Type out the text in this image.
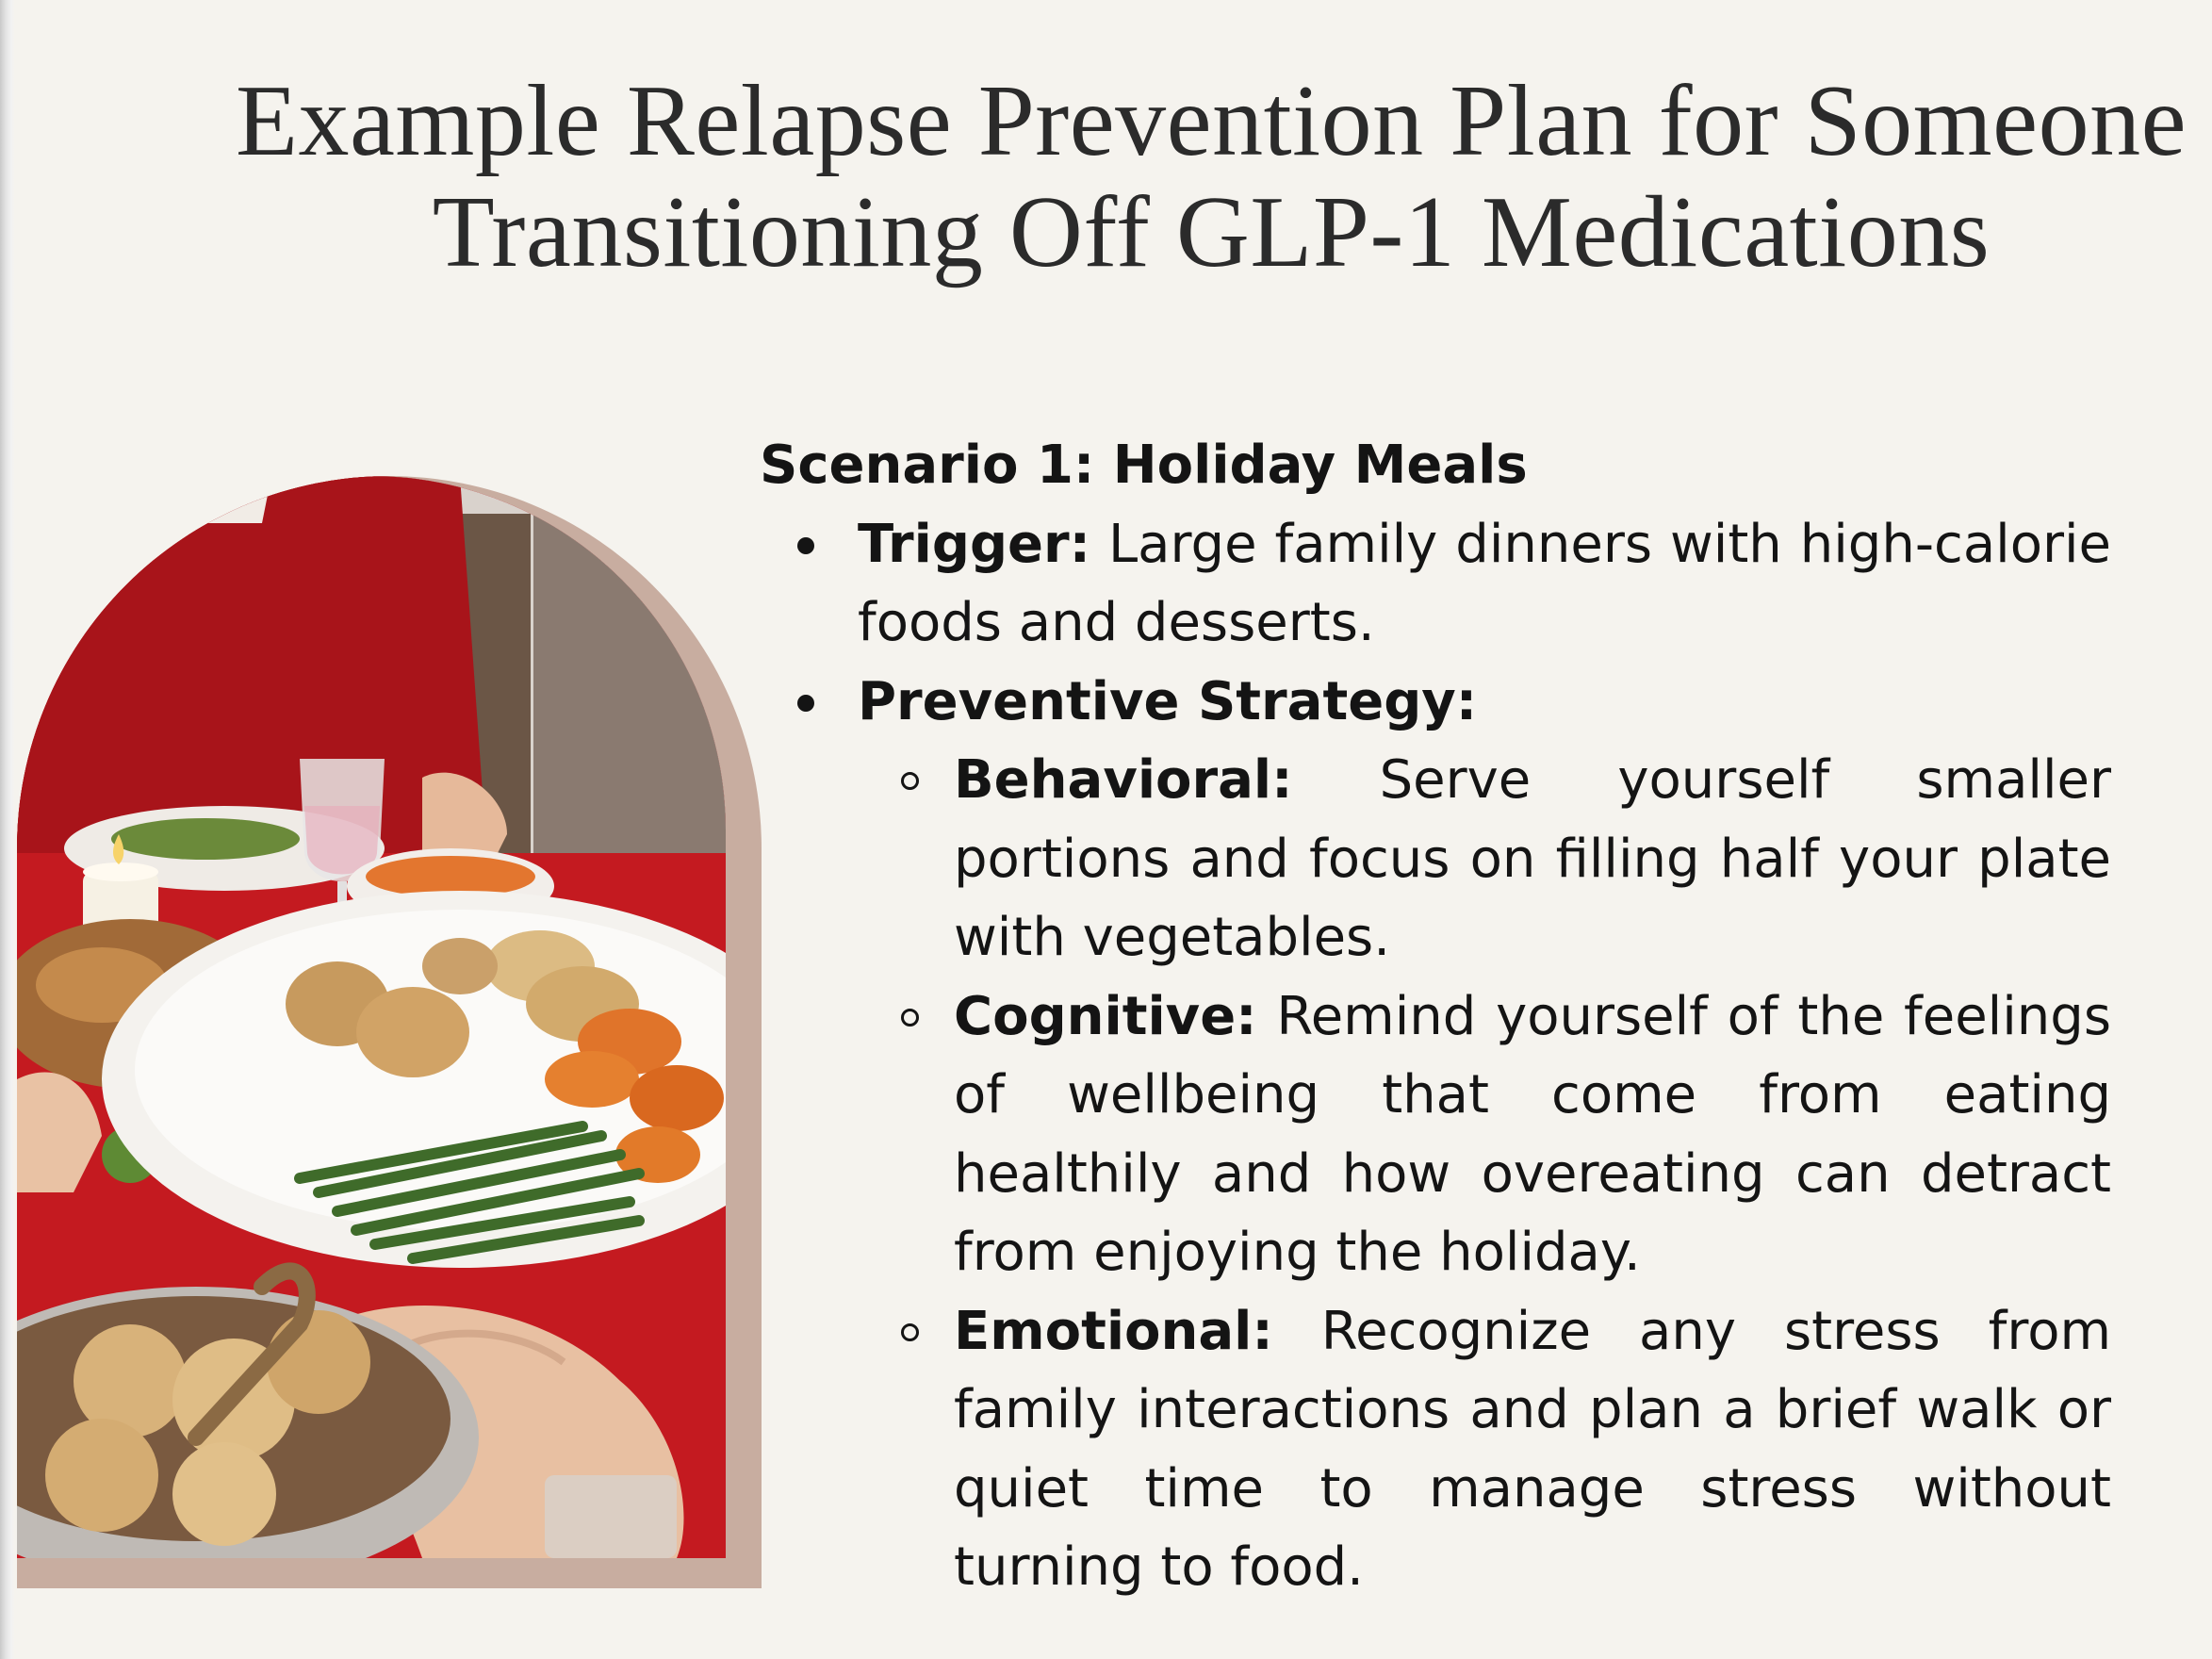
Example Relapse Prevention Plan for Someone
Transitioning Off GLP-1 Medications

Scenario 1: Holiday Meals

Trigger: Large family dinners with high-calorie foods and desserts.
Preventive Strategy:
Behavioral: Serve yourself smaller portions and focus on filling half your plate with vegetables.
Cognitive: Remind yourself of the feelings of wellbeing that come from eating healthily and how overeating can detract from enjoying the holiday.
Emotional: Recognize any stress from family interactions and plan a brief walk or quiet time to manage stress without turning to food.
